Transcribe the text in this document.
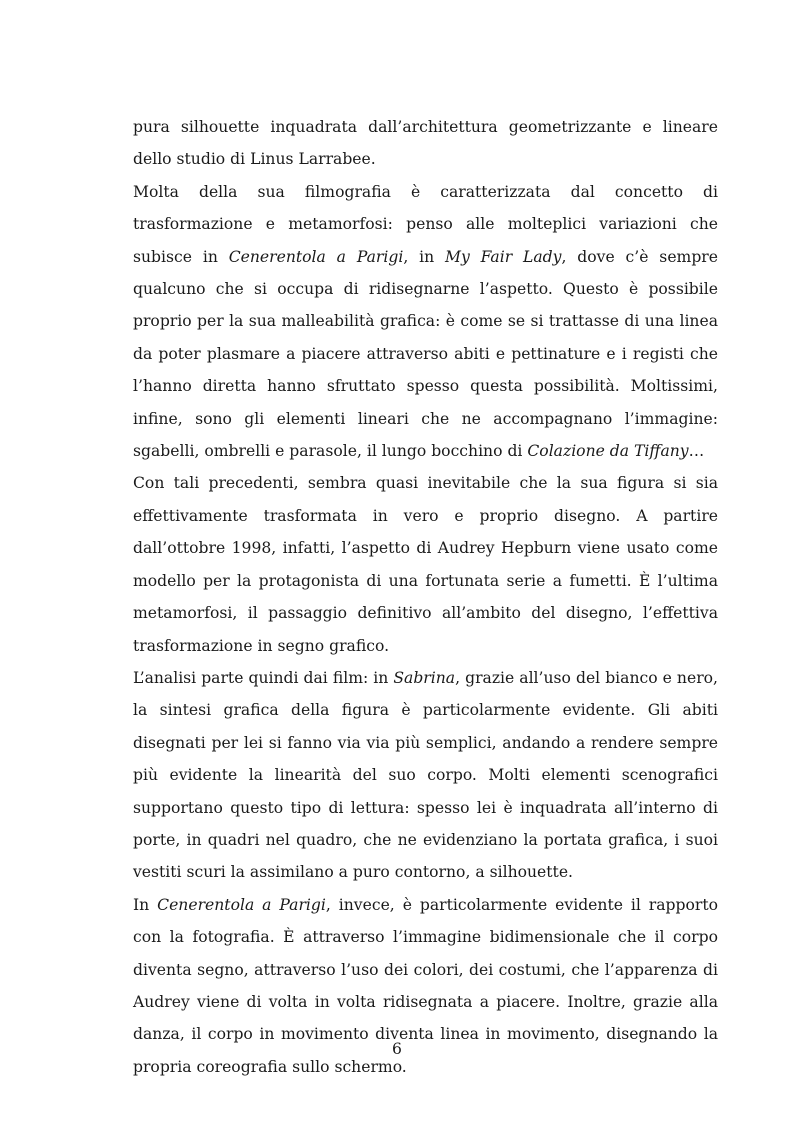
pura silhouette inquadrata dall’architettura geometrizzante e lineare dello studio di Linus Larrabee.

Molta della sua filmografia è caratterizzata dal concetto di trasformazione e metamorfosi: penso alle molteplici variazioni che subisce in Cenerentola a Parigi, in My Fair Lady, dove c’è sempre qualcuno che si occupa di ridisegnarne l’aspetto. Questo è possibile proprio per la sua malleabilità grafica: è come se si trattasse di una linea da poter plasmare a piacere attraverso abiti e pettinature e i registi che l’hanno diretta hanno sfruttato spesso questa possibilità. Moltissimi, infine, sono gli elementi lineari che ne accompagnano l’immagine: sgabelli, ombrelli e parasole, il lungo bocchino di Colazione da Tiffany…

Con tali precedenti, sembra quasi inevitabile che la sua figura si sia effettivamente trasformata in vero e proprio disegno. A partire dall’ottobre 1998, infatti, l’aspetto di Audrey Hepburn viene usato come modello per la protagonista di una fortunata serie a fumetti. È l’ultima metamorfosi, il passaggio definitivo all’ambito del disegno, l’effettiva trasformazione in segno grafico.

L’analisi parte quindi dai film: in Sabrina, grazie all’uso del bianco e nero, la sintesi grafica della figura è particolarmente evidente. Gli abiti disegnati per lei si fanno via via più semplici, andando a rendere sempre più evidente la linearità del suo corpo. Molti elementi scenografici supportano questo tipo di lettura: spesso lei è inquadrata all’interno di porte, in quadri nel quadro, che ne evidenziano la portata grafica, i suoi vestiti scuri la assimilano a puro contorno, a silhouette.

In Cenerentola a Parigi, invece, è particolarmente evidente il rapporto con la fotografia. È attraverso l’immagine bidimensionale che il corpo diventa segno, attraverso l’uso dei colori, dei costumi, che l’apparenza di Audrey viene di volta in volta ridisegnata a piacere. Inoltre, grazie alla danza, il corpo in movimento diventa linea in movimento, disegnando la propria coreografia sullo schermo.

6
